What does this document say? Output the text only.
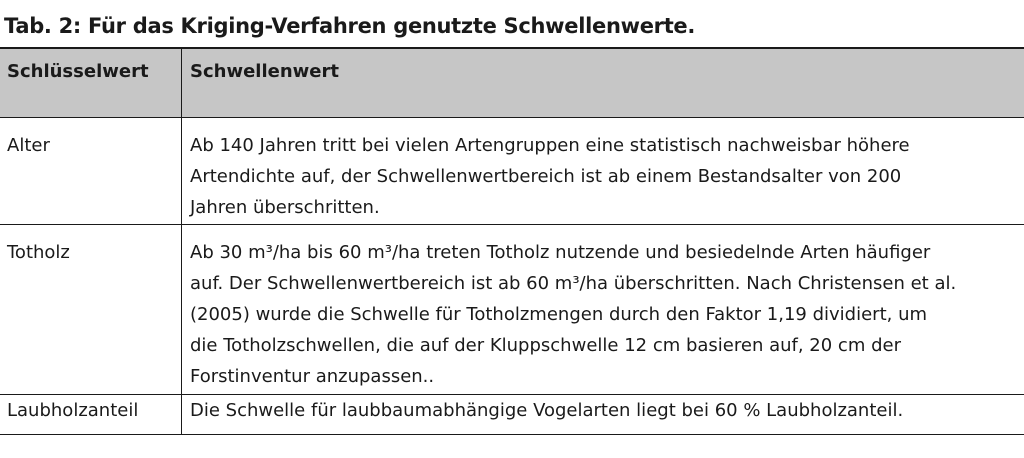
Tab. 2: Für das Kriging-Verfahren genutzte Schwellenwerte.
Schlüsselwert	Schwellenwert
Alter	Ab 140 Jahren tritt bei vielen Artengruppen eine statistisch nachweisbar höhere
Artendichte auf, der Schwellenwertbereich ist ab einem Bestandsalter von 200
Jahren überschritten.
Totholz	Ab 30 m³/ha bis 60 m³/ha treten Totholz nutzende und besiedelnde Arten häufiger
auf. Der Schwellenwertbereich ist ab 60 m³/ha überschritten. Nach Christensen et al.
(2005) wurde die Schwelle für Totholzmengen durch den Faktor 1,19 dividiert, um
die Totholzschwellen, die auf der Kluppschwelle 12 cm basieren auf, 20 cm der
Forstinventur anzupassen..
Laubholzanteil	Die Schwelle für laubbaumabhängige Vogelarten liegt bei 60 % Laubholzanteil.
